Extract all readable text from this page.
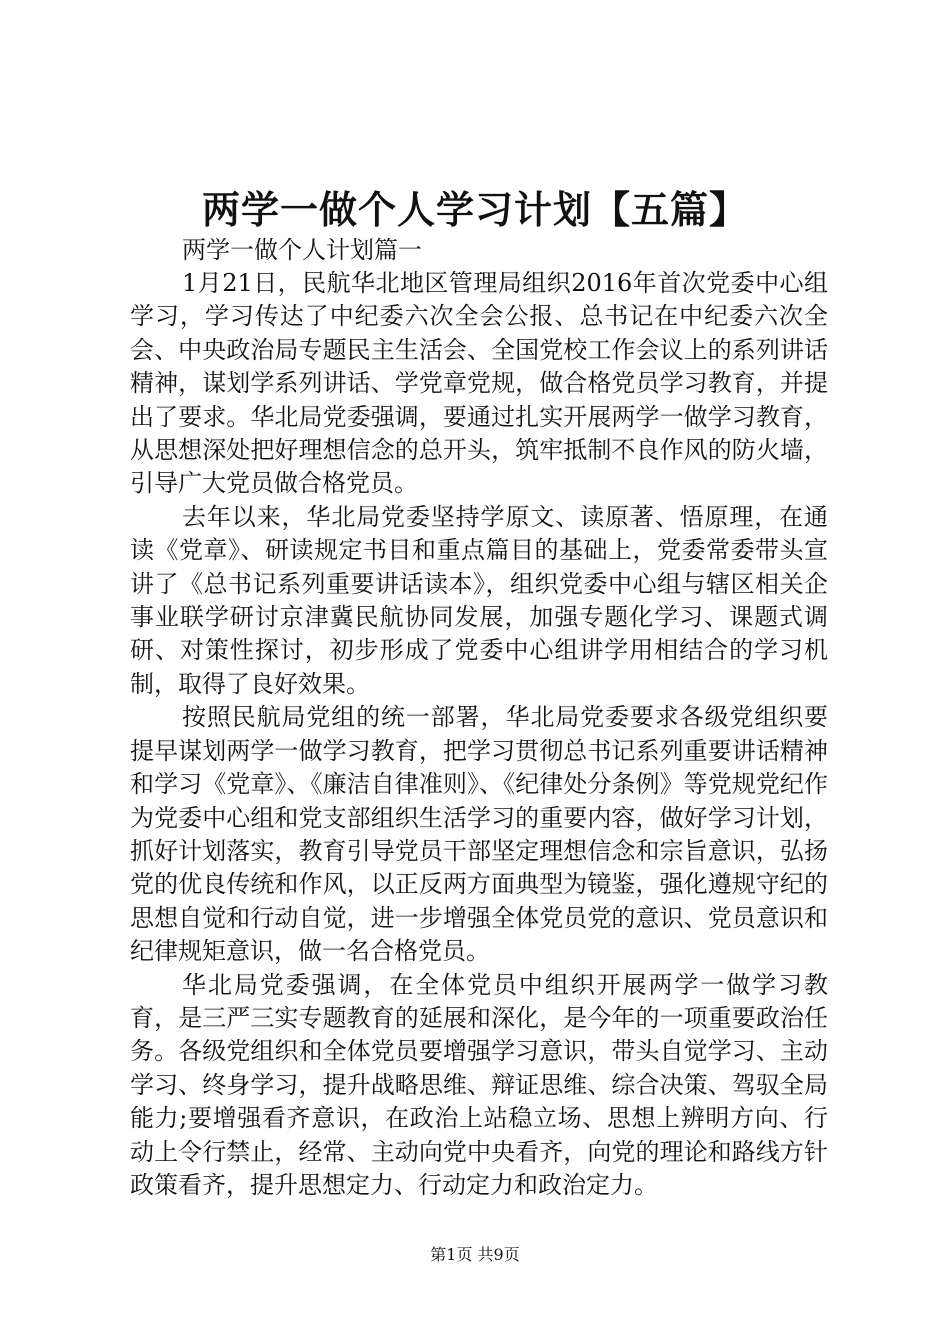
两学一做个人学习计划【五篇】

两学一做个人计划篇一

1月21日，民航华北地区管理局组织2016年首次党委中心组学习，学习传达了中纪委六次全会公报、总书记在中纪委六次全会、中央政治局专题民主生活会、全国党校工作会议上的系列讲话精神，谋划学系列讲话、学党章党规，做合格党员学习教育，并提出了要求。华北局党委强调，要通过扎实开展两学一做学习教育，从思想深处把好理想信念的总开头，筑牢抵制不良作风的防火墙，引导广大党员做合格党员。

去年以来，华北局党委坚持学原文、读原著、悟原理，在通读《党章》、研读规定书目和重点篇目的基础上，党委常委带头宣讲了《总书记系列重要讲话读本》，组织党委中心组与辖区相关企事业联学研讨京津冀民航协同发展，加强专题化学习、课题式调研、对策性探讨，初步形成了党委中心组讲学用相结合的学习机制，取得了良好效果。

按照民航局党组的统一部署，华北局党委要求各级党组织要提早谋划两学一做学习教育，把学习贯彻总书记系列重要讲话精神和学习《党章》、《廉洁自律准则》、《纪律处分条例》等党规党纪作为党委中心组和党支部组织生活学习的重要内容，做好学习计划，抓好计划落实，教育引导党员干部坚定理想信念和宗旨意识，弘扬党的优良传统和作风，以正反两方面典型为镜鉴，强化遵规守纪的思想自觉和行动自觉，进一步增强全体党员党的意识、党员意识和纪律规矩意识，做一名合格党员。

华北局党委强调，在全体党员中组织开展两学一做学习教育，是三严三实专题教育的延展和深化，是今年的一项重要政治任务。各级党组织和全体党员要增强学习意识，带头自觉学习、主动学习、终身学习，提升战略思维、辩证思维、综合决策、驾驭全局能力;要增强看齐意识，在政治上站稳立场、思想上辨明方向、行动上令行禁止，经常、主动向党中央看齐，向党的理论和路线方针政策看齐，提升思想定力、行动定力和政治定力。

第1页 共9页
